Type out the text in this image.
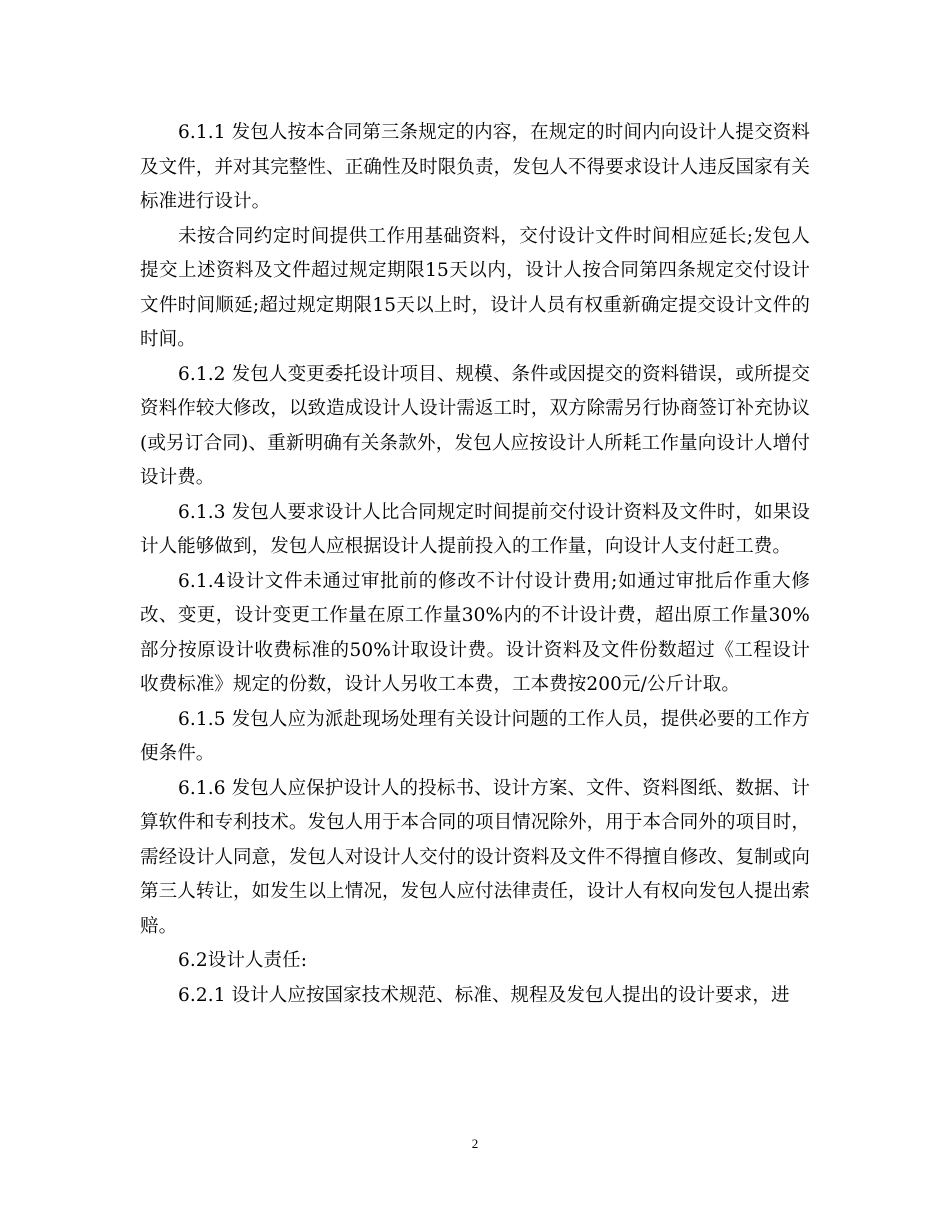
6.1.1 发包人按本合同第三条规定的内容，在规定的时间内向设计人提交资料及文件，并对其完整性、正确性及时限负责，发包人不得要求设计人违反国家有关标准进行设计。

未按合同约定时间提供工作用基础资料，交付设计文件时间相应延长;发包人提交上述资料及文件超过规定期限15天以内，设计人按合同第四条规定交付设计文件时间顺延;超过规定期限15天以上时，设计人员有权重新确定提交设计文件的时间。

6.1.2 发包人变更委托设计项目、规模、条件或因提交的资料错误，或所提交资料作较大修改，以致造成设计人设计需返工时，双方除需另行协商签订补充协议(或另订合同)、重新明确有关条款外，发包人应按设计人所耗工作量向设计人增付设计费。

6.1.3 发包人要求设计人比合同规定时间提前交付设计资料及文件时，如果设计人能够做到，发包人应根据设计人提前投入的工作量，向设计人支付赶工费。

6.1.4设计文件未通过审批前的修改不计付设计费用;如通过审批后作重大修改、变更，设计变更工作量在原工作量30%内的不计设计费，超出原工作量30%部分按原设计收费标准的50%计取设计费。设计资料及文件份数超过《工程设计收费标准》规定的份数，设计人另收工本费，工本费按200元/公斤计取。

6.1.5 发包人应为派赴现场处理有关设计问题的工作人员，提供必要的工作方便条件。

6.1.6 发包人应保护设计人的投标书、设计方案、文件、资料图纸、数据、计算软件和专利技术。发包人用于本合同的项目情况除外，用于本合同外的项目时，需经设计人同意，发包人对设计人交付的设计资料及文件不得擅自修改、复制或向第三人转让，如发生以上情况，发包人应付法律责任，设计人有权向发包人提出索赔。

6.2设计人责任:

6.2.1 设计人应按国家技术规范、标准、规程及发包人提出的设计要求，进

2
